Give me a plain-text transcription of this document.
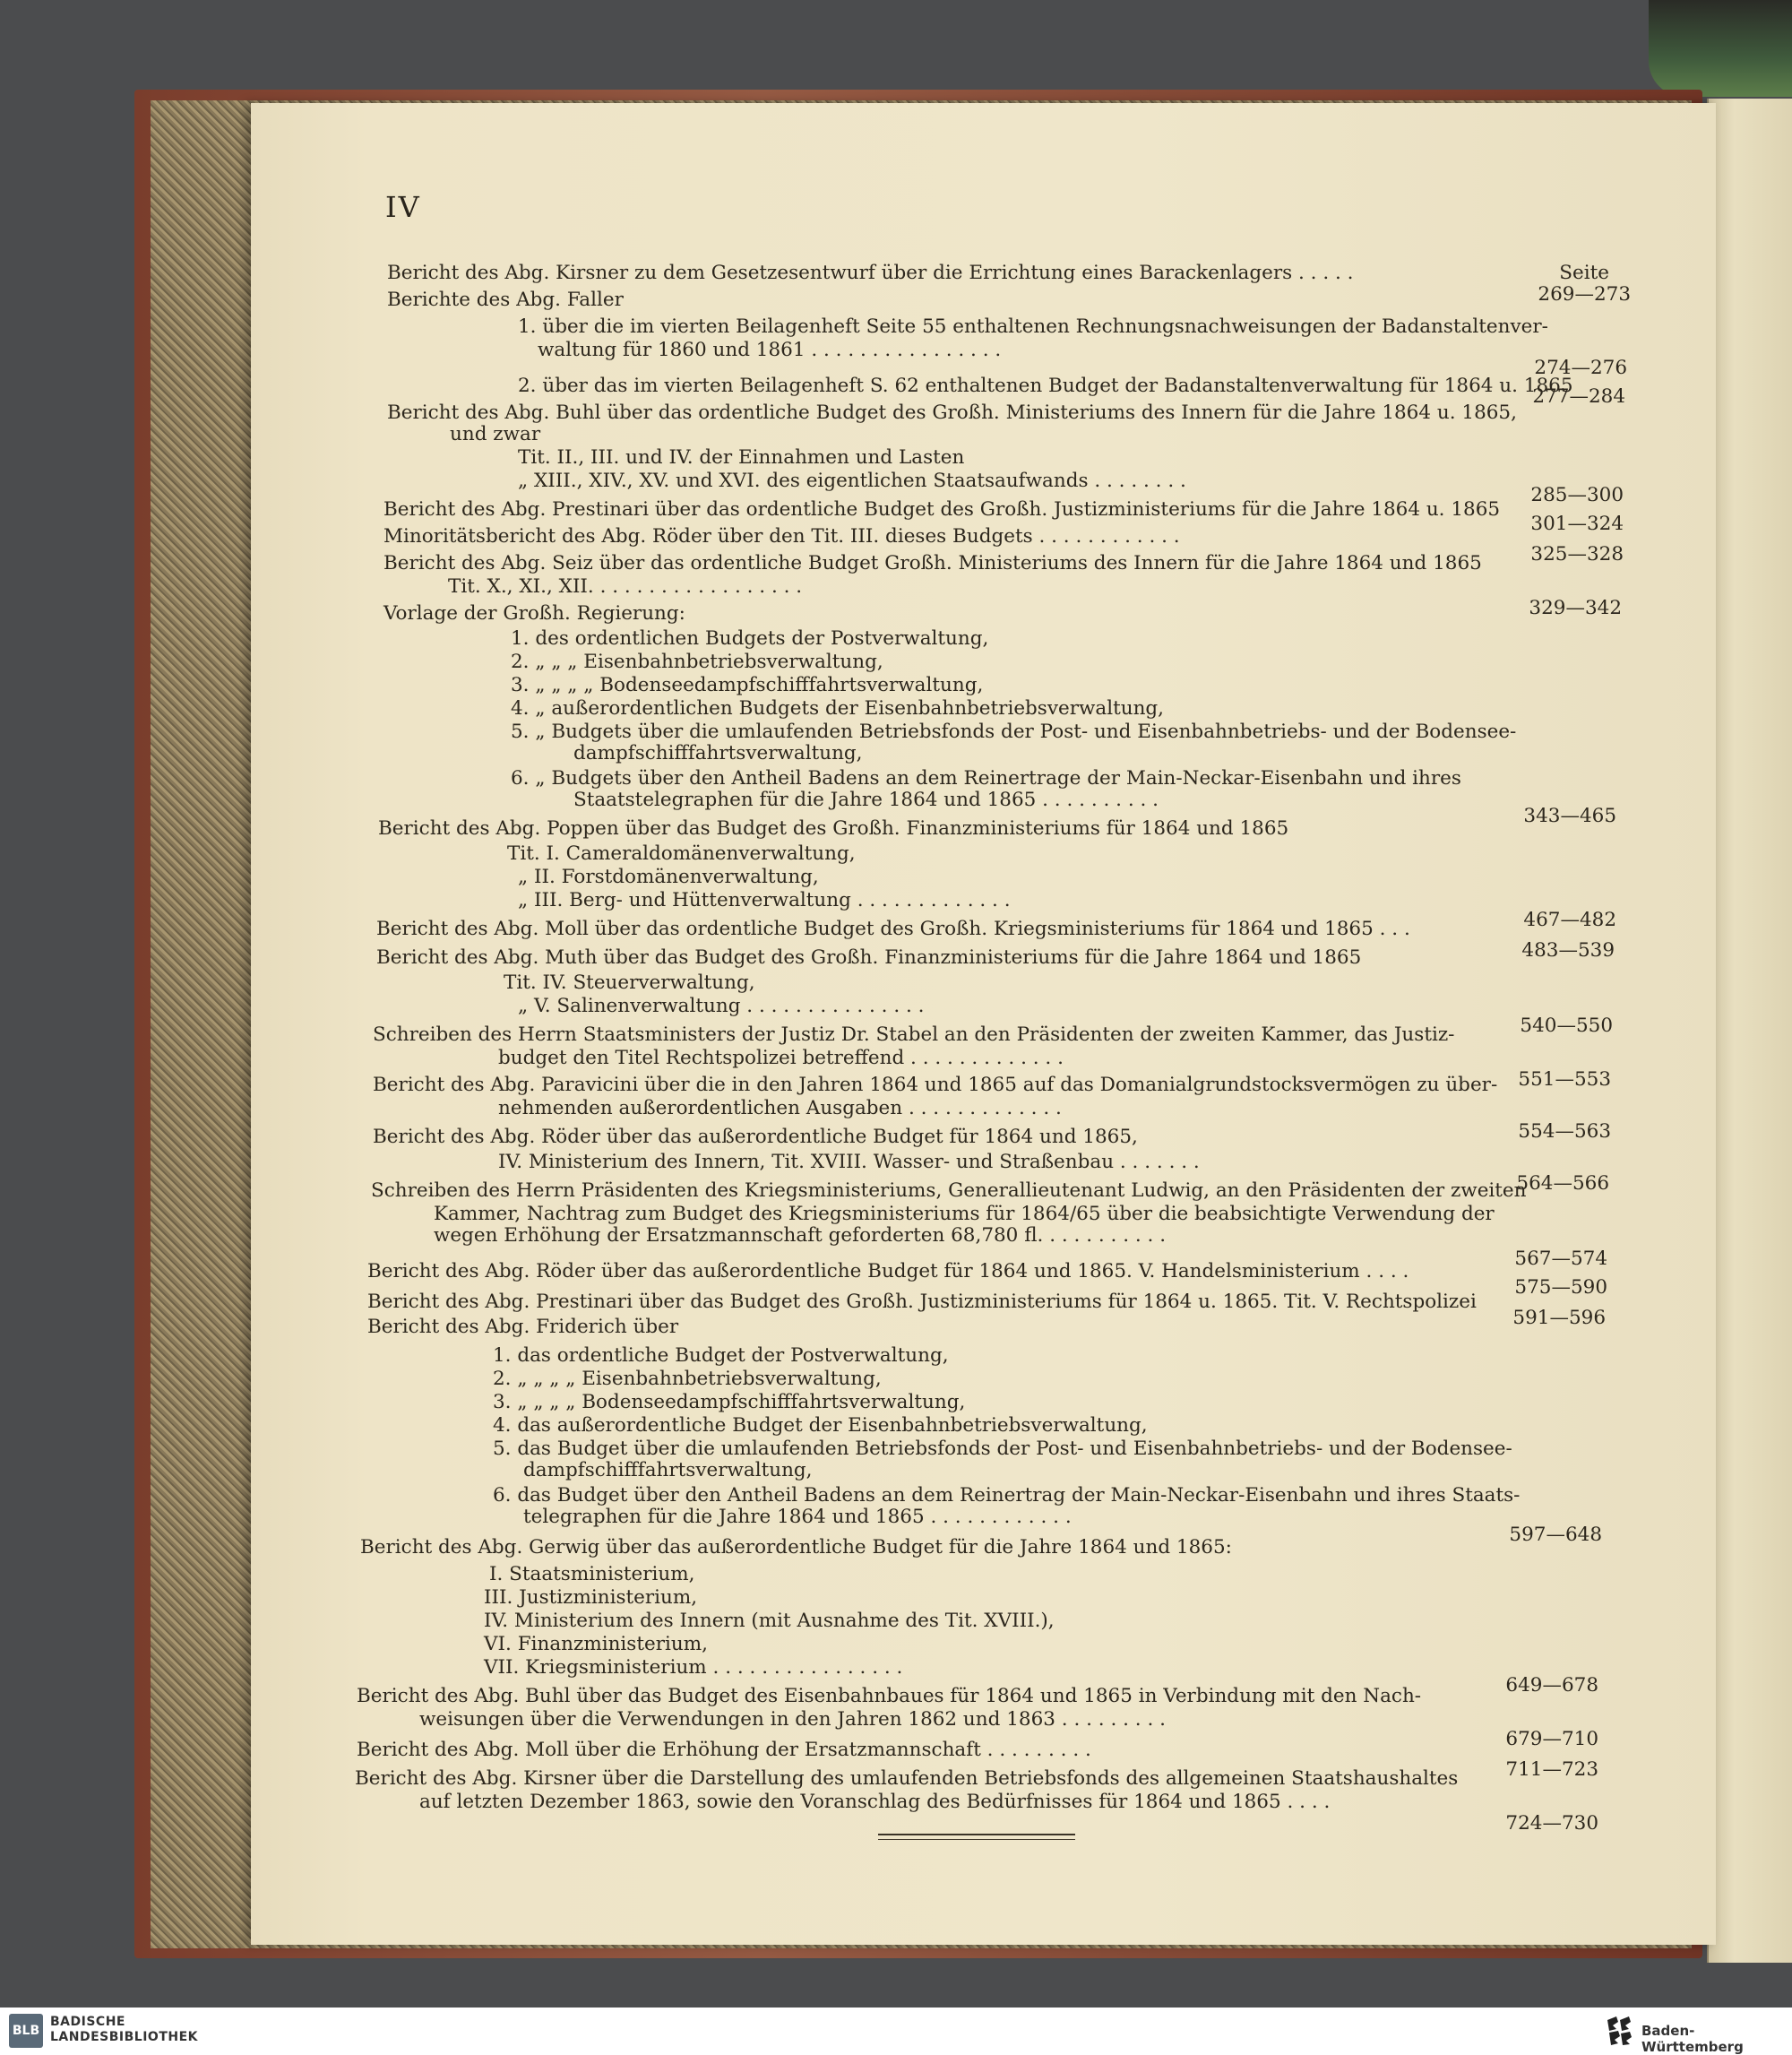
IV
Seite
Bericht des Abg. Kirsner zu dem Gesetzesentwurf über die Errichtung eines Barackenlagers . . . . .
Berichte des Abg. Faller
1. über die im vierten Beilagenheft Seite 55 enthaltenen Rechnungsnachweisungen der Badanstaltenver-
waltung für 1860 und 1861 . . . . . . . . . . . . . . . .
2. über das im vierten Beilagenheft S. 62 enthaltenen Budget der Badanstaltenverwaltung für 1864 u. 1865
Bericht des Abg. Buhl über das ordentliche Budget des Großh. Ministeriums des Innern für die Jahre 1864 u. 1865,
und zwar
Tit. II., III. und IV. der Einnahmen und Lasten
„ XIII., XIV., XV. und XVI. des eigentlichen Staatsaufwands . . . . . . . .
Bericht des Abg. Prestinari über das ordentliche Budget des Großh. Justizministeriums für die Jahre 1864 u. 1865
Minoritätsbericht des Abg. Röder über den Tit. III. dieses Budgets . . . . . . . . . . . .
Bericht des Abg. Seiz über das ordentliche Budget Großh. Ministeriums des Innern für die Jahre 1864 und 1865
Tit. X., XI., XII. . . . . . . . . . . . . . . . . .
Vorlage der Großh. Regierung:
1. des ordentlichen Budgets der Postverwaltung,
2. „ „ „ Eisenbahnbetriebsverwaltung,
3. „ „ „ „ Bodenseedampfschifffahrtsverwaltung,
4. „ außerordentlichen Budgets der Eisenbahnbetriebsverwaltung,
5. „ Budgets über die umlaufenden Betriebsfonds der Post- und Eisenbahnbetriebs- und der Bodensee-
dampfschifffahrtsverwaltung,
6. „ Budgets über den Antheil Badens an dem Reinertrage der Main-Neckar-Eisenbahn und ihres
Staatstelegraphen für die Jahre 1864 und 1865 . . . . . . . . . .
Bericht des Abg. Poppen über das Budget des Großh. Finanzministeriums für 1864 und 1865
Tit. I. Cameraldomänenverwaltung,
„ II. Forstdomänenverwaltung,
„ III. Berg- und Hüttenverwaltung . . . . . . . . . . . . .
Bericht des Abg. Moll über das ordentliche Budget des Großh. Kriegsministeriums für 1864 und 1865 . . .
Bericht des Abg. Muth über das Budget des Großh. Finanzministeriums für die Jahre 1864 und 1865
Tit. IV. Steuerverwaltung,
„ V. Salinenverwaltung . . . . . . . . . . . . . . .
Schreiben des Herrn Staatsministers der Justiz Dr. Stabel an den Präsidenten der zweiten Kammer, das Justiz-
budget den Titel Rechtspolizei betreffend . . . . . . . . . . . . .
Bericht des Abg. Paravicini über die in den Jahren 1864 und 1865 auf das Domanialgrundstocksvermögen zu über-
nehmenden außerordentlichen Ausgaben . . . . . . . . . . . . .
Bericht des Abg. Röder über das außerordentliche Budget für 1864 und 1865,
IV. Ministerium des Innern, Tit. XVIII. Wasser- und Straßenbau . . . . . . .
Schreiben des Herrn Präsidenten des Kriegsministeriums, Generallieutenant Ludwig, an den Präsidenten der zweiten
Kammer, Nachtrag zum Budget des Kriegsministeriums für 1864/65 über die beabsichtigte Verwendung der
wegen Erhöhung der Ersatzmannschaft geforderten 68,780 fl. . . . . . . . . . .
Bericht des Abg. Röder über das außerordentliche Budget für 1864 und 1865. V. Handelsministerium . . . .
Bericht des Abg. Prestinari über das Budget des Großh. Justizministeriums für 1864 u. 1865. Tit. V. Rechtspolizei
Bericht des Abg. Friderich über
1. das ordentliche Budget der Postverwaltung,
2. „ „ „ „ Eisenbahnbetriebsverwaltung,
3. „ „ „ „ Bodenseedampfschifffahrtsverwaltung,
4. das außerordentliche Budget der Eisenbahnbetriebsverwaltung,
5. das Budget über die umlaufenden Betriebsfonds der Post- und Eisenbahnbetriebs- und der Bodensee-
dampfschifffahrtsverwaltung,
6. das Budget über den Antheil Badens an dem Reinertrag der Main-Neckar-Eisenbahn und ihres Staats-
telegraphen für die Jahre 1864 und 1865 . . . . . . . . . . . .
Bericht des Abg. Gerwig über das außerordentliche Budget für die Jahre 1864 und 1865:
I. Staatsministerium,
III. Justizministerium,
IV. Ministerium des Innern (mit Ausnahme des Tit. XVIII.),
VI. Finanzministerium,
VII. Kriegsministerium . . . . . . . . . . . . . . . .
Bericht des Abg. Buhl über das Budget des Eisenbahnbaues für 1864 und 1865 in Verbindung mit den Nach-
weisungen über die Verwendungen in den Jahren 1862 und 1863 . . . . . . . . .
Bericht des Abg. Moll über die Erhöhung der Ersatzmannschaft . . . . . . . . .
Bericht des Abg. Kirsner über die Darstellung des umlaufenden Betriebsfonds des allgemeinen Staatshaushaltes
auf letzten Dezember 1863, sowie den Voranschlag des Bedürfnisses für 1864 und 1865 . . . .
269—273
274—276
277—284
285—300
301—324
325—328
329—342
343—465
467—482
483—539
540—550
551—553
554—563
564—566
567—574
575—590
591—596
597—648
649—678
679—710
711—723
724—730
BLB
BADISCHE
LANDESBIBLIOTHEK	Baden-Württemberg
